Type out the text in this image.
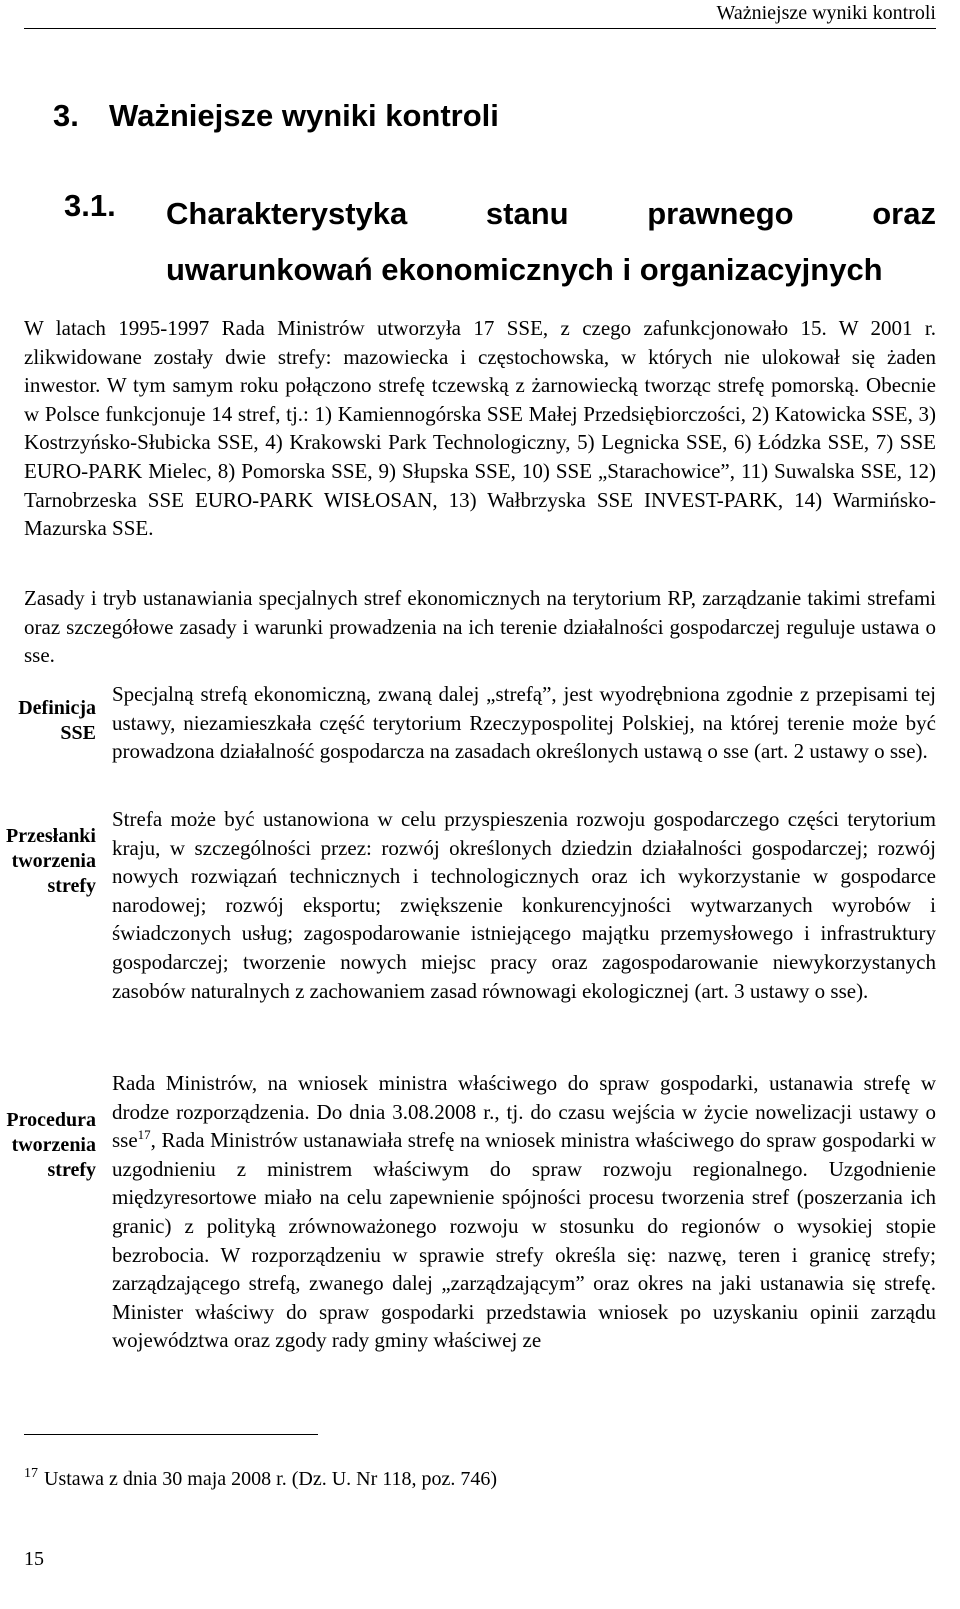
Ważniejsze wyniki kontroli
3. Ważniejsze wyniki kontroli
3.1. Charakterystyka stanu prawnego oraz
uwarunkowań ekonomicznych i organizacyjnych

W latach 1995-1997 Rada Ministrów utworzyła 17 SSE, z czego zafunkcjonowało 15. W 2001 r. zlikwidowane zostały dwie strefy: mazowiecka i częstochowska, w których nie ulokował się żaden inwestor. W tym samym roku połączono strefę tczewską z żarnowiecką tworząc strefę pomorską. Obecnie w Polsce funkcjonuje 14 stref, tj.: 1) Kamiennogórska SSE Małej Przedsiębiorczości, 2) Katowicka SSE, 3) Kostrzyńsko-Słubicka SSE, 4) Krakowski Park Technologiczny, 5) Legnicka SSE, 6) Łódzka SSE, 7) SSE EURO-PARK Mielec, 8) Pomorska SSE, 9) Słupska SSE, 10) SSE „Starachowice”, 11) Suwalska SSE, 12) Tarnobrzeska SSE EURO-PARK WISŁOSAN, 13) Wałbrzyska SSE INVEST-PARK, 14) Warmińsko-Mazurska SSE.

Zasady i tryb ustanawiania specjalnych stref ekonomicznych na terytorium RP, zarządzanie takimi strefami oraz szczegółowe zasady i warunki prowadzenia na ich terenie działalności gospodarczej reguluje ustawa o sse.

Definicja
SSE

Specjalną strefą ekonomiczną, zwaną dalej „strefą”, jest wyodrębniona zgodnie z przepisami tej ustawy, niezamieszkała część terytorium Rzeczypospolitej Polskiej, na której terenie może być prowadzona działalność gospodarcza na zasadach określonych ustawą o sse (art. 2 ustawy o sse).

Przesłanki
tworzenia
strefy

Strefa może być ustanowiona w celu przyspieszenia rozwoju gospodarczego części terytorium kraju, w szczególności przez: rozwój określonych dziedzin działalności gospodarczej; rozwój nowych rozwiązań technicznych i technologicznych oraz ich wykorzystanie w gospodarce narodowej; rozwój eksportu; zwiększenie konkurencyjności wytwarzanych wyrobów i świadczonych usług; zagospodarowanie istniejącego majątku przemysłowego i infrastruktury gospodarczej; tworzenie nowych miejsc pracy oraz zagospodarowanie niewykorzystanych zasobów naturalnych z zachowaniem zasad równowagi ekologicznej (art. 3 ustawy o sse).

Procedura
tworzenia
strefy

Rada Ministrów, na wniosek ministra właściwego do spraw gospodarki, ustanawia strefę w drodze rozporządzenia. Do dnia 3.08.2008 r., tj. do czasu wejścia w życie nowelizacji ustawy o sse$^{17}$, Rada Ministrów ustanawiała strefę na wniosek ministra właściwego do spraw gospodarki w uzgodnieniu z ministrem właściwym do spraw rozwoju regionalnego. Uzgodnienie międzyresortowe miało na celu zapewnienie spójności procesu tworzenia stref (poszerzania ich granic) z polityką zrównoważonego rozwoju w stosunku do regionów o wysokiej stopie bezrobocia. W rozporządzeniu w sprawie strefy określa się: nazwę, teren i granicę strefy; zarządzającego strefą, zwanego dalej „zarządzającym” oraz okres na jaki ustanawia się strefę. Minister właściwy do spraw gospodarki przedstawia wniosek po uzyskaniu opinii zarządu województwa oraz zgody rady gminy właściwej ze

$^{17}$ Ustawa z dnia 30 maja 2008 r. (Dz. U. Nr 118, poz. 746)

15
